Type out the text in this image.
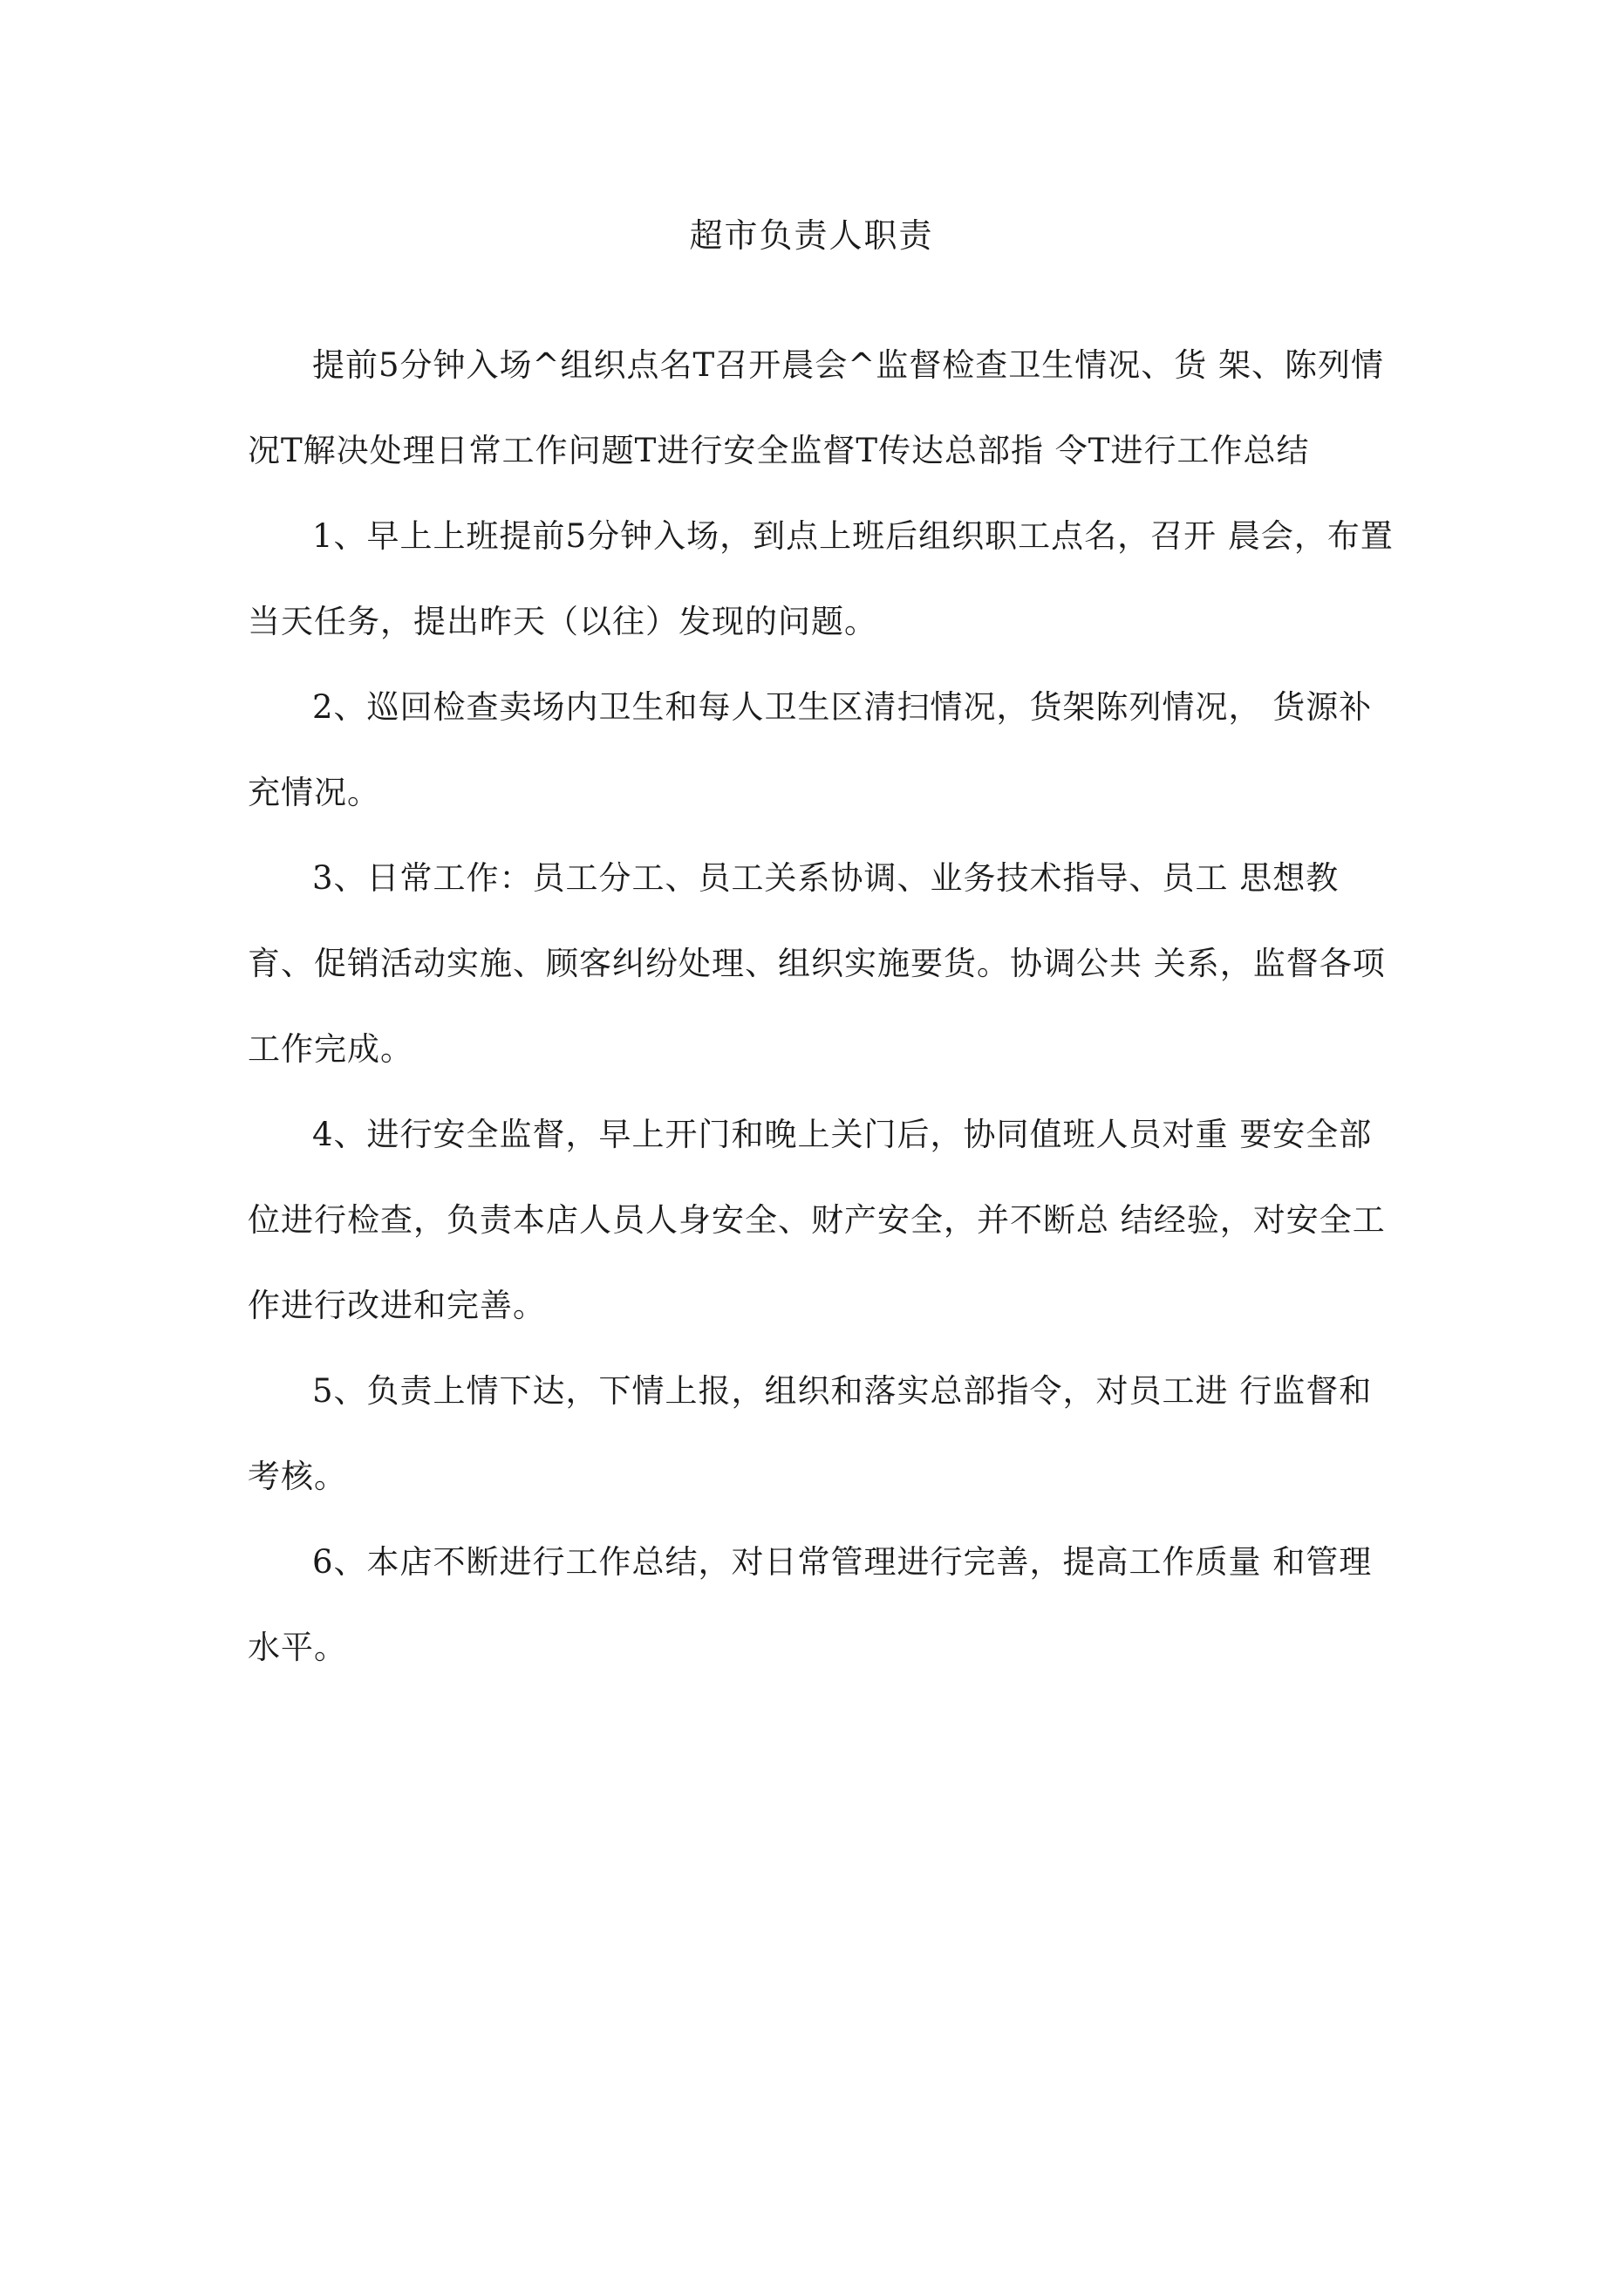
超市负责人职责

提前5分钟入场^组织点名T召开晨会^监督检查卫生情况、货 架、陈列情况T解决处理日常工作问题T进行安全监督T传达总部指 令T进行工作总结

1、早上上班提前5分钟入场，到点上班后组织职工点名，召开 晨会，布置当天任务，提出昨天（以往）发现的问题。

2、巡回检查卖场内卫生和每人卫生区清扫情况，货架陈列情况， 货源补充情况。

3、日常工作：员工分工、员工关系协调、业务技术指导、员工 思想教育、促销活动实施、顾客纠纷处理、组织实施要货。协调公共 关系，监督各项工作完成。

4、进行安全监督，早上开门和晚上关门后，协同值班人员对重 要安全部位进行检查，负责本店人员人身安全、财产安全，并不断总 结经验，对安全工作进行改进和完善。

5、负责上情下达，下情上报，组织和落实总部指令，对员工进 行监督和考核。

6、本店不断进行工作总结，对日常管理进行完善，提高工作质量 和管理水平。
